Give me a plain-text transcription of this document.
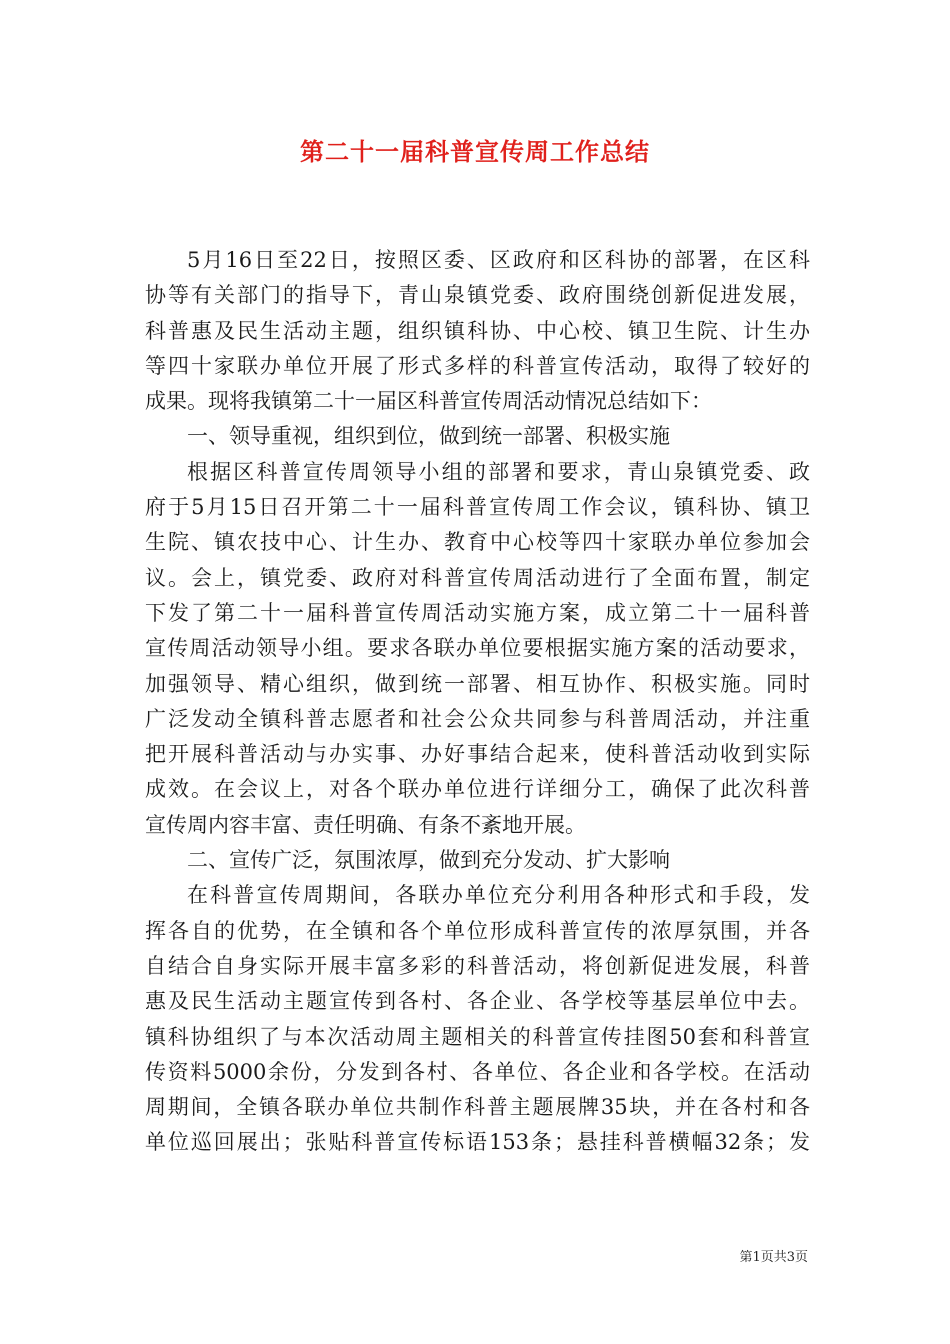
第二十一届科普宣传周工作总结
5月16日至22日，按照区委、区政府和区科协的部署，在区科
协等有关部门的指导下，青山泉镇党委、政府围绕创新促进发展，
科普惠及民生活动主题，组织镇科协、中心校、镇卫生院、计生办
等四十家联办单位开展了形式多样的科普宣传活动，取得了较好的
成果。现将我镇第二十一届区科普宣传周活动情况总结如下：
一、领导重视，组织到位，做到统一部署、积极实施
根据区科普宣传周领导小组的部署和要求，青山泉镇党委、政
府于5月15日召开第二十一届科普宣传周工作会议，镇科协、镇卫
生院、镇农技中心、计生办、教育中心校等四十家联办单位参加会
议。会上，镇党委、政府对科普宣传周活动进行了全面布置，制定
下发了第二十一届科普宣传周活动实施方案，成立第二十一届科普
宣传周活动领导小组。要求各联办单位要根据实施方案的活动要求，
加强领导、精心组织，做到统一部署、相互协作、积极实施。同时
广泛发动全镇科普志愿者和社会公众共同参与科普周活动，并注重
把开展科普活动与办实事、办好事结合起来，使科普活动收到实际
成效。在会议上，对各个联办单位进行详细分工，确保了此次科普
宣传周内容丰富、责任明确、有条不紊地开展。
二、宣传广泛，氛围浓厚，做到充分发动、扩大影响
在科普宣传周期间，各联办单位充分利用各种形式和手段，发
挥各自的优势，在全镇和各个单位形成科普宣传的浓厚氛围，并各
自结合自身实际开展丰富多彩的科普活动，将创新促进发展，科普
惠及民生活动主题宣传到各村、各企业、各学校等基层单位中去。
镇科协组织了与本次活动周主题相关的科普宣传挂图50套和科普宣
传资料5000余份，分发到各村、各单位、各企业和各学校。在活动
周期间，全镇各联办单位共制作科普主题展牌35块，并在各村和各
单位巡回展出；张贴科普宣传标语153条；悬挂科普横幅32条；发
第1页共3页
